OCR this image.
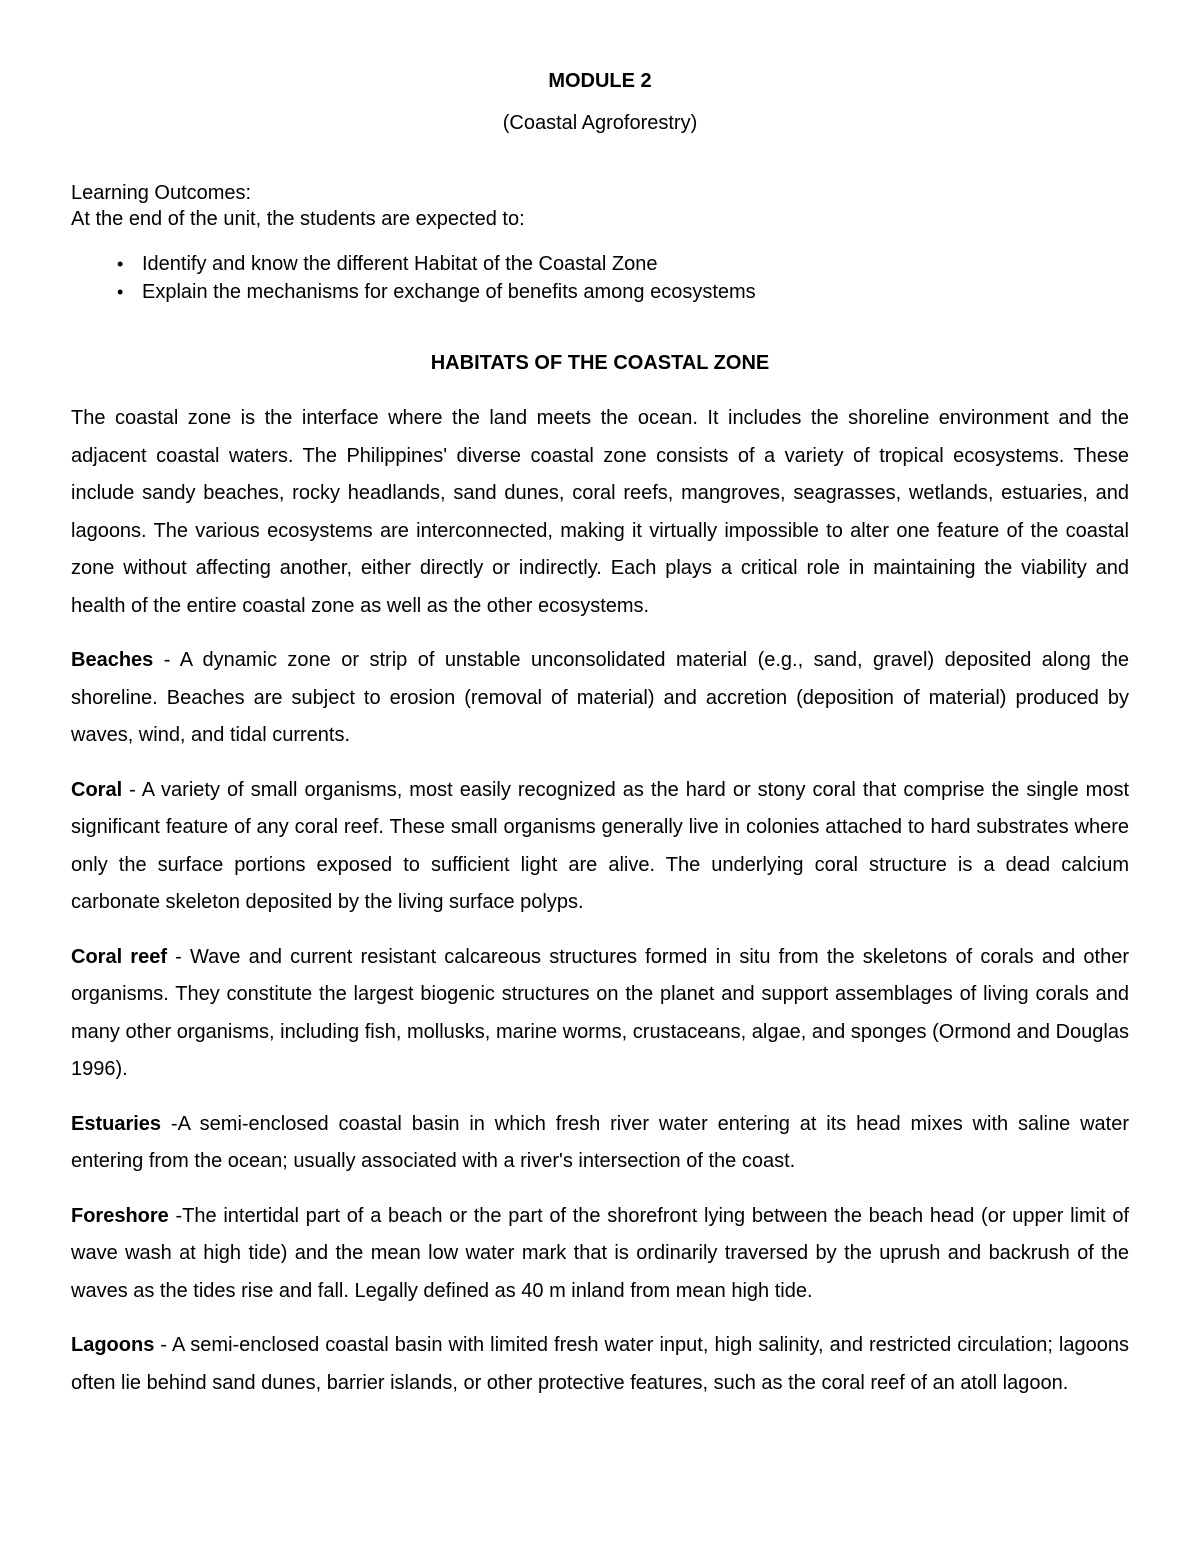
MODULE 2
(Coastal Agroforestry)
Learning Outcomes:
At the end of the unit, the students are expected to:
• Identify and know the different Habitat of the Coastal Zone
• Explain the mechanisms for exchange of benefits among ecosystems
HABITATS OF THE COASTAL ZONE

The coastal zone is the interface where the land meets the ocean. It includes the shoreline environment and the adjacent coastal waters. The Philippines' diverse coastal zone consists of a variety of tropical ecosystems. These include sandy beaches, rocky headlands, sand dunes, coral reefs, mangroves, seagrasses, wetlands, estuaries, and lagoons. The various ecosystems are interconnected, making it virtually impossible to alter one feature of the coastal zone without affecting another, either directly or indirectly. Each plays a critical role in maintaining the viability and health of the entire coastal zone as well as the other ecosystems.

Beaches - A dynamic zone or strip of unstable unconsolidated material (e.g., sand, gravel) deposited along the shoreline. Beaches are subject to erosion (removal of material) and accretion (deposition of material) produced by waves, wind, and tidal currents.

Coral - A variety of small organisms, most easily recognized as the hard or stony coral that comprise the single most significant feature of any coral reef. These small organisms generally live in colonies attached to hard substrates where only the surface portions exposed to sufficient light are alive. The underlying coral structure is a dead calcium carbonate skeleton deposited by the living surface polyps.

Coral reef - Wave and current resistant calcareous structures formed in situ from the skeletons of corals and other organisms. They constitute the largest biogenic structures on the planet and support assemblages of living corals and many other organisms, including fish, mollusks, marine worms, crustaceans, algae, and sponges (Ormond and Douglas 1996).

Estuaries -A semi-enclosed coastal basin in which fresh river water entering at its head mixes with saline water entering from the ocean; usually associated with a river's intersection of the coast.

Foreshore -The intertidal part of a beach or the part of the shorefront lying between the beach head (or upper limit of wave wash at high tide) and the mean low water mark that is ordinarily traversed by the uprush and backrush of the waves as the tides rise and fall. Legally defined as 40 m inland from mean high tide.

Lagoons - A semi-enclosed coastal basin with limited fresh water input, high salinity, and restricted circulation; lagoons often lie behind sand dunes, barrier islands, or other protective features, such as the coral reef of an atoll lagoon.
